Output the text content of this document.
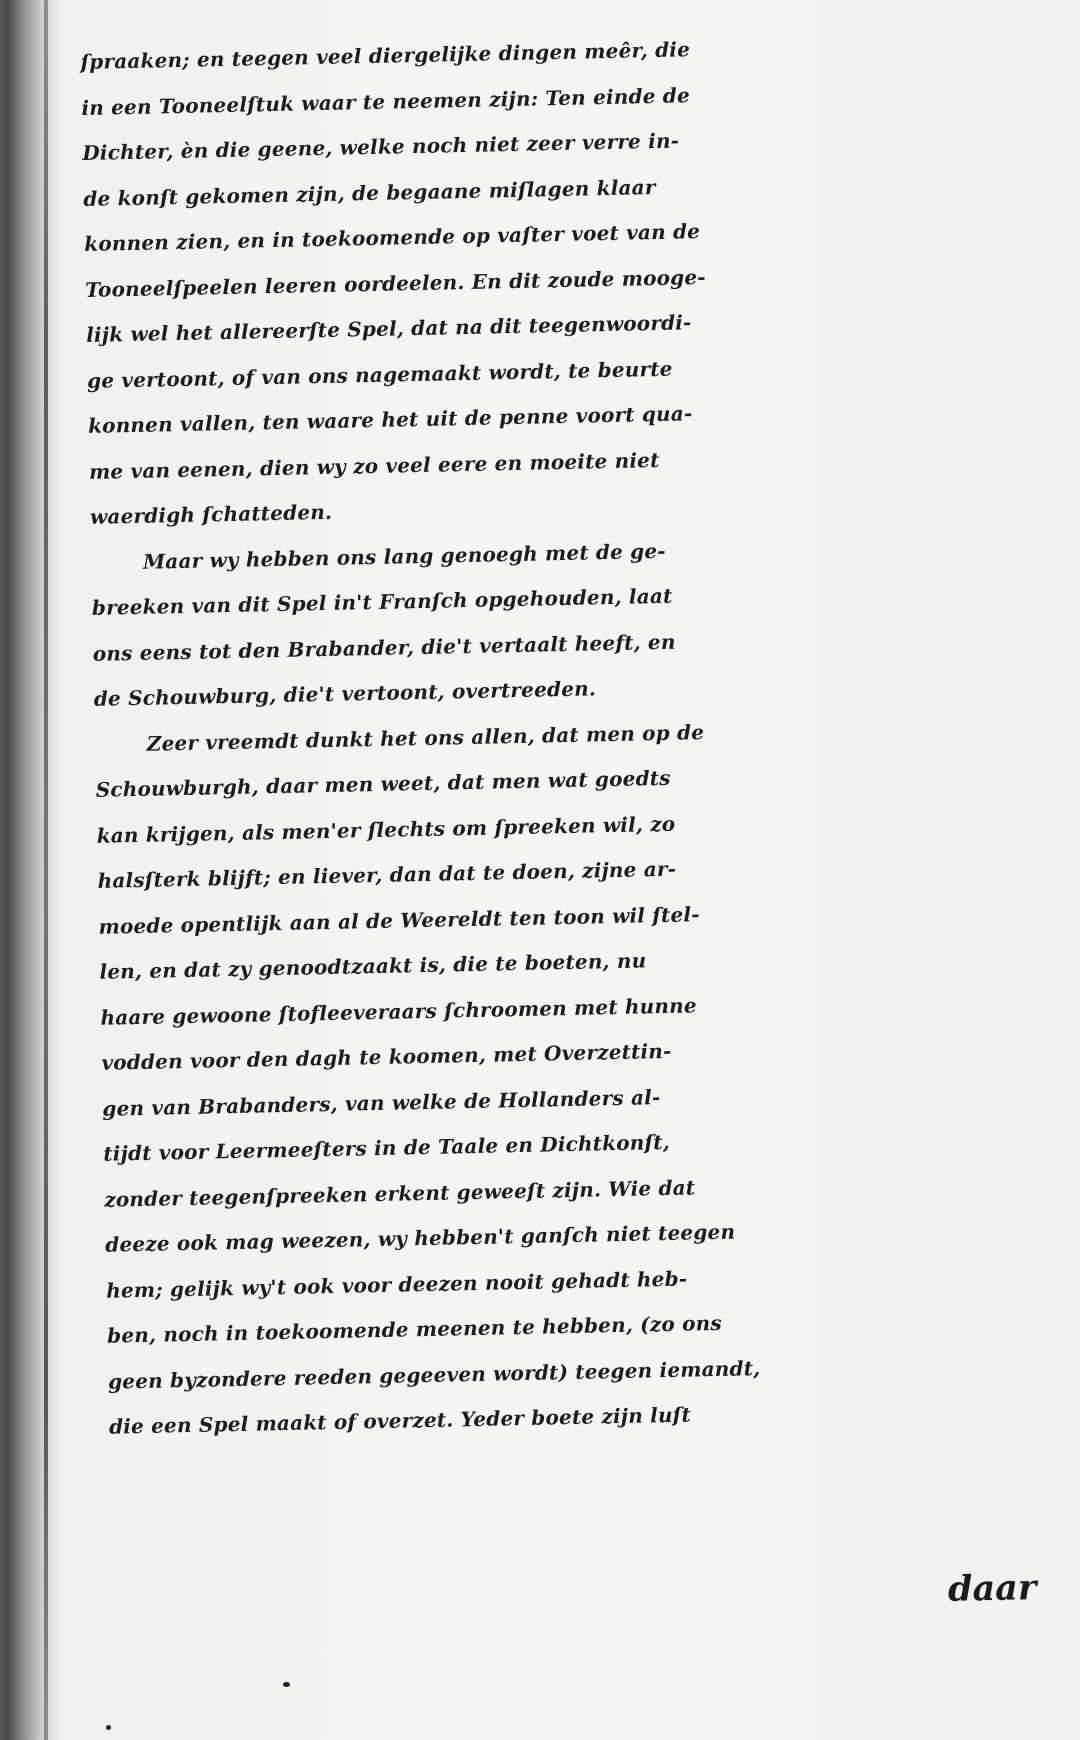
ſpraaken; en teegen veel diergelijke dingen meêr, die
in een Tooneelſtuk waar te neemen zijn: Ten einde de
Dichter, èn die geene, welke noch niet zeer verre in-
de konſt gekomen zijn, de begaane miſlagen klaar
konnen zien, en in toekoomende op vaſter voet van de
Tooneelſpeelen leeren oordeelen. En dit zoude mooge-
lijk wel het allereerſte Spel, dat na dit teegenwoordi-
ge vertoont, of van ons nagemaakt wordt, te beurte
konnen vallen, ten waare het uit de penne voort qua-
me van eenen, dien wy zo veel eere en moeite niet
waerdigh ſchatteden.
Maar wy hebben ons lang genoegh met de ge-
breeken van dit Spel in't Franſch opgehouden, laat
ons eens tot den Brabander, die't vertaalt heeft, en
de Schouwburg, die't vertoont, overtreeden.
Zeer vreemdt dunkt het ons allen, dat men op de
Schouwburgh, daar men weet, dat men wat goedts
kan krijgen, als men'er ſlechts om ſpreeken wil, zo
halsſterk blijft; en liever, dan dat te doen, zijne ar-
moede opentlijk aan al de Weereldt ten toon wil ſtel-
len, en dat zy genoodtzaakt is, die te boeten, nu
haare gewoone ſtofleeveraars ſchroomen met hunne
vodden voor den dagh te koomen, met Overzettin-
gen van Brabanders, van welke de Hollanders al-
tijdt voor Leermeeſters in de Taale en Dichtkonſt,
zonder teegenſpreeken erkent geweeſt zijn. Wie dat
deeze ook mag weezen, wy hebben't ganſch niet teegen
hem; gelijk wy't ook voor deezen nooit gehadt heb-
ben, noch in toekoomende meenen te hebben, (zo ons
geen byzondere reeden gegeeven wordt) teegen iemandt,
die een Spel maakt of overzet. Yeder boete zijn luſt
daar
